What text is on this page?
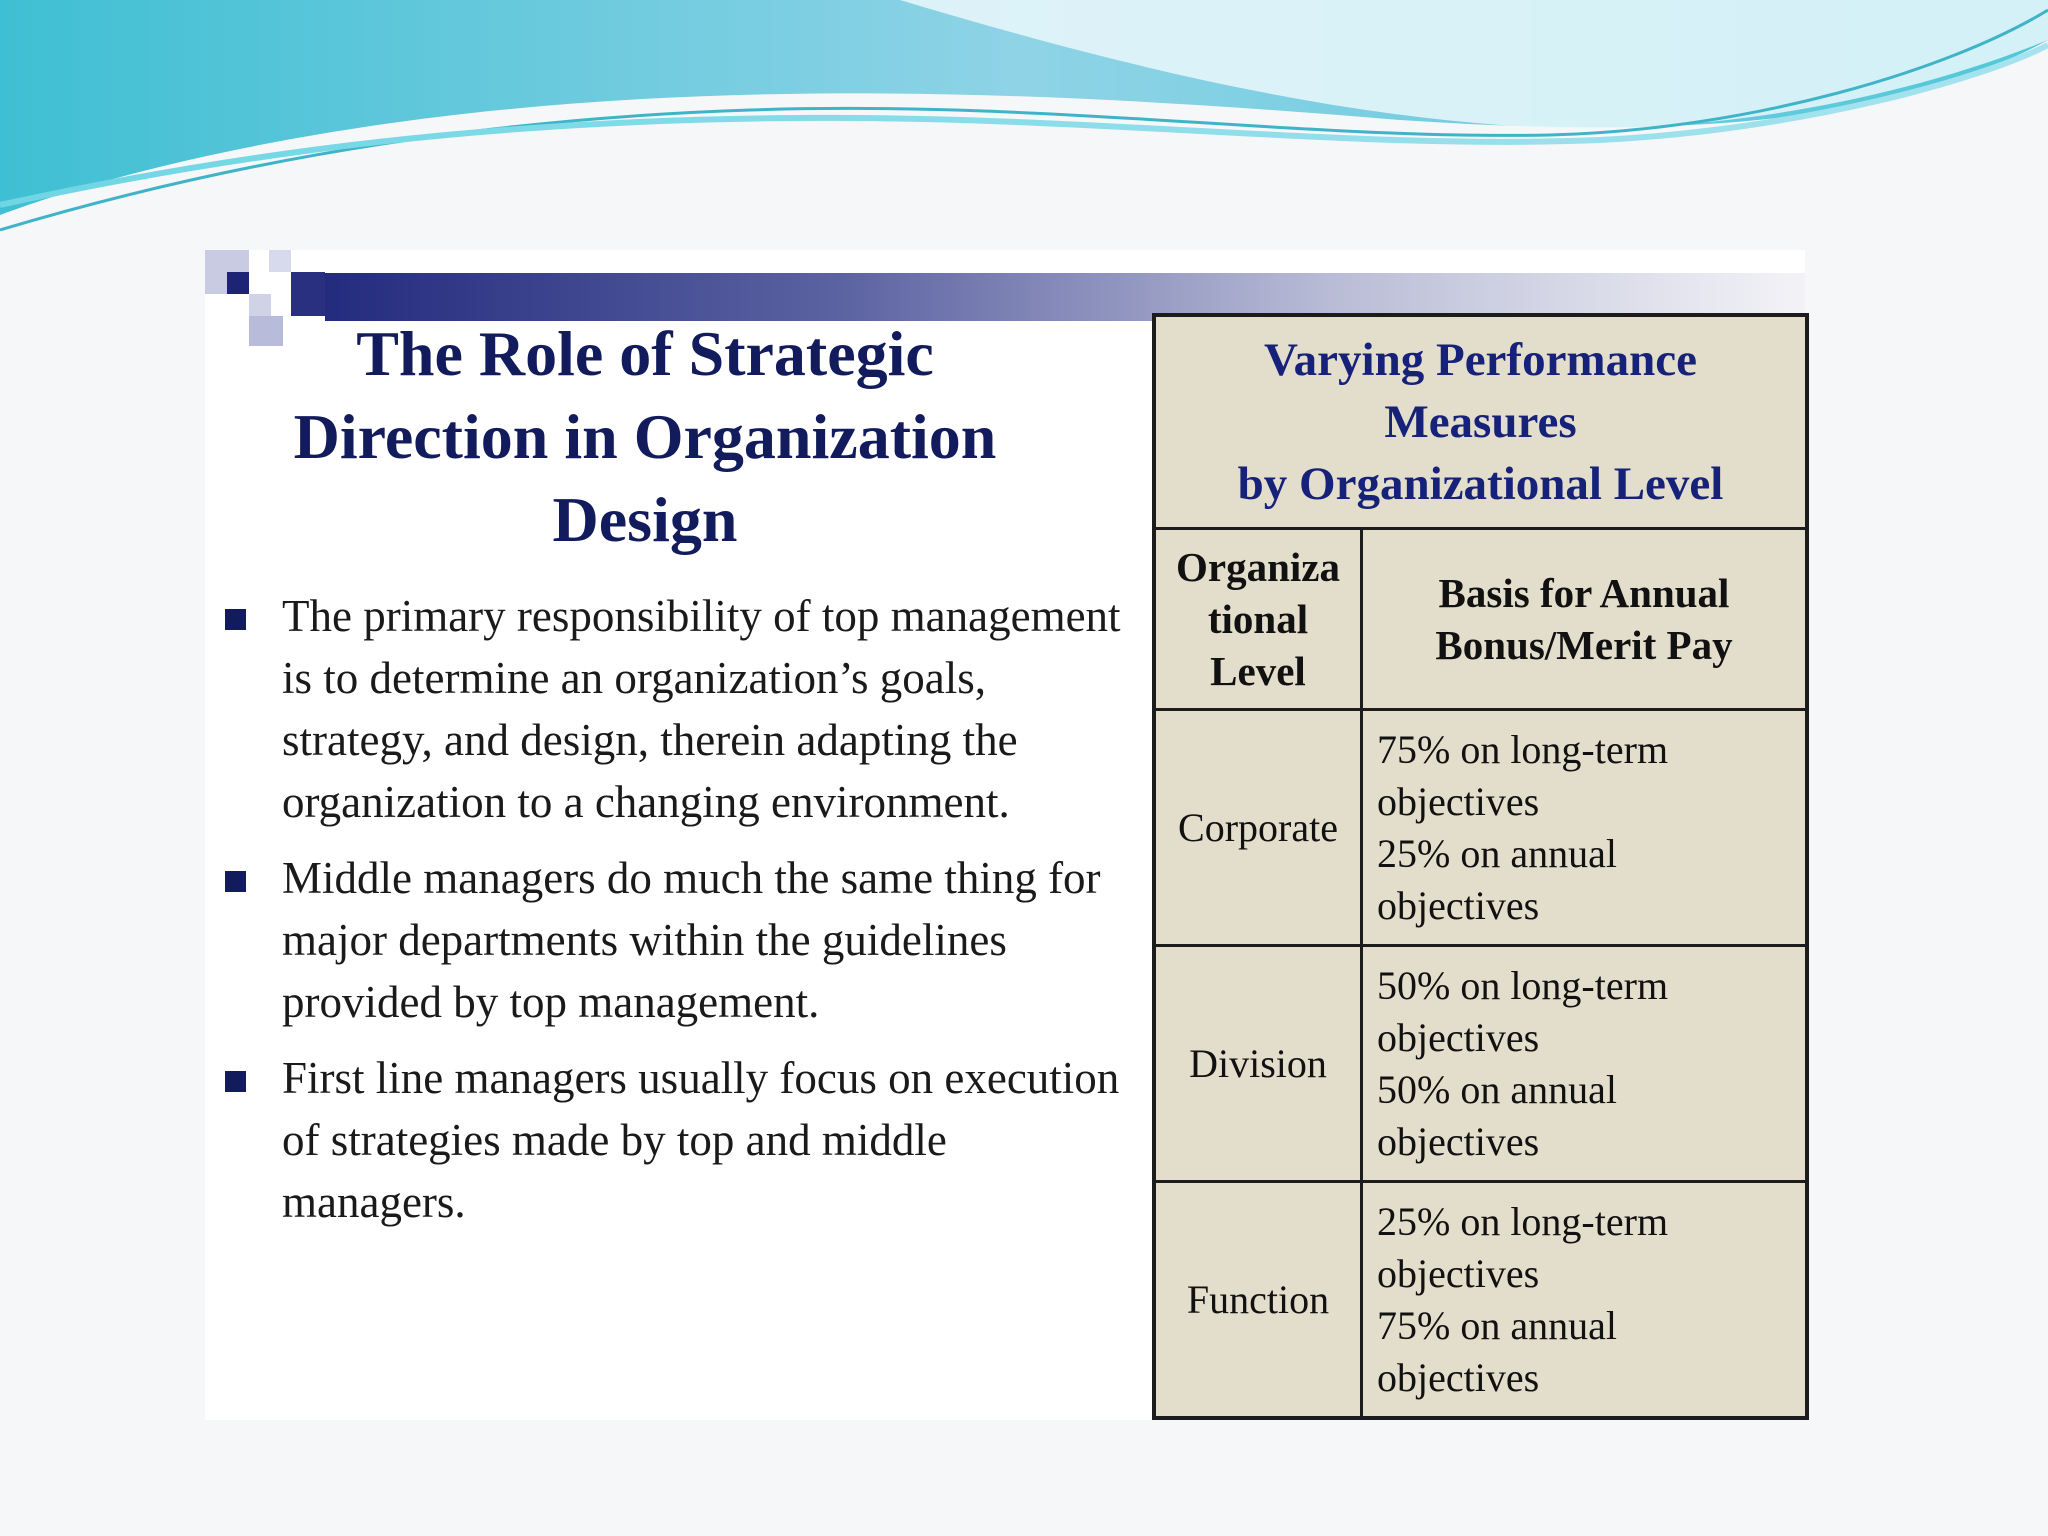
The Role of Strategic
Direction in Organization
Design
The primary responsibility of top management is to determine an organization’s goals, strategy, and design, therein adapting the organization to a changing environment.
Middle managers do much the same thing for major departments within the guidelines provided by top management.
First line managers usually focus on execution of strategies made by top and middle managers.
Varying Performance
Measures
by Organizational Level	

Organiza
tional
Level	Basis for Annual
Bonus/Merit Pay

Corporate	75% on long-term
objectives
25% on annual
objectives

Division	50% on long-term
objectives
50% on annual
objectives

Function	25% on long-term
objectives
75% on annual
objectives
